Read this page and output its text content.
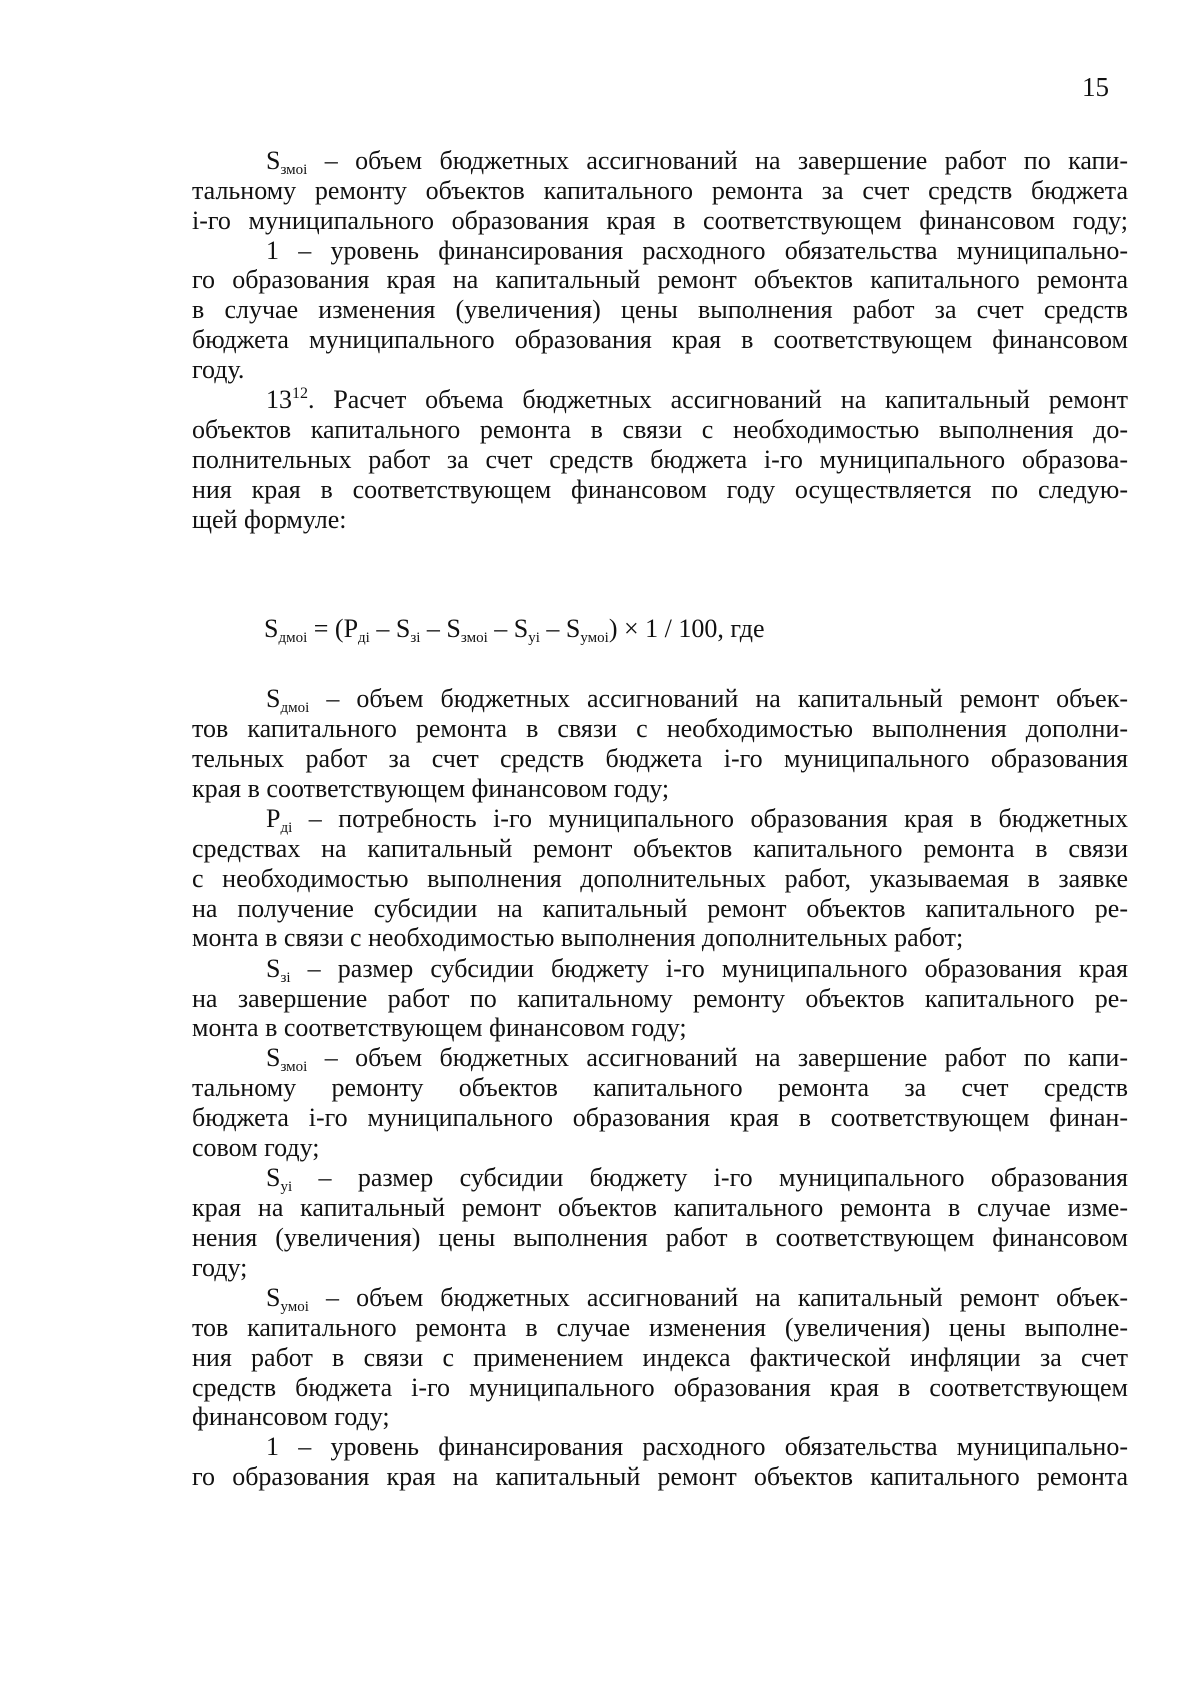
15
$S_{змоi}$ – объем бюджетных ассигнований на завершение работ по капи-
тальному ремонту объектов капитального ремонта за счет средств бюджета
i-го муниципального образования края в соответствующем финансовом году;
1 – уровень финансирования расходного обязательства муниципально-
го образования края на капитальный ремонт объектов капитального ремонта
в случае изменения (увеличения) цены выполнения работ за счет средств
бюджета муниципального образования края в соответствующем финансовом
году.
$13^{12}$. Расчет объема бюджетных ассигнований на капитальный ремонт
объектов капитального ремонта в связи с необходимостью выполнения до-
полнительных работ за счет средств бюджета i-го муниципального образова-
ния края в соответствующем финансовом году осуществляется по следую-
щей формуле:
$S_{дмоi} = (P_{дi} - S_{зi} - S_{змоi} - S_{уi} - S_{умоi}) \times 1 / 100$, где
$S_{дмоi}$ – объем бюджетных ассигнований на капитальный ремонт объек-
тов капитального ремонта в связи с необходимостью выполнения дополни-
тельных работ за счет средств бюджета i-го муниципального образования
края в соответствующем финансовом году;
$P_{дi}$ – потребность i-го муниципального образования края в бюджетных
средствах на капитальный ремонт объектов капитального ремонта в связи
с необходимостью выполнения дополнительных работ, указываемая в заявке
на получение субсидии на капитальный ремонт объектов капитального ре-
монта в связи с необходимостью выполнения дополнительных работ;
$S_{зi}$ – размер субсидии бюджету i-го муниципального образования края
на завершение работ по капитальному ремонту объектов капитального ре-
монта в соответствующем финансовом году;
$S_{змоi}$ – объем бюджетных ассигнований на завершение работ по капи-
тальному ремонту объектов капитального ремонта за счет средств
бюджета i-го муниципального образования края в соответствующем финан-
совом году;
$S_{уi}$ – размер субсидии бюджету i-го муниципального образования
края на капитальный ремонт объектов капитального ремонта в случае изме-
нения (увеличения) цены выполнения работ в соответствующем финансовом
году;
$S_{умоi}$ – объем бюджетных ассигнований на капитальный ремонт объек-
тов капитального ремонта в случае изменения (увеличения) цены выполне-
ния работ в связи с применением индекса фактической инфляции за счет
средств бюджета i-го муниципального образования края в соответствующем
финансовом году;
1 – уровень финансирования расходного обязательства муниципально-
го образования края на капитальный ремонт объектов капитального ремонта
